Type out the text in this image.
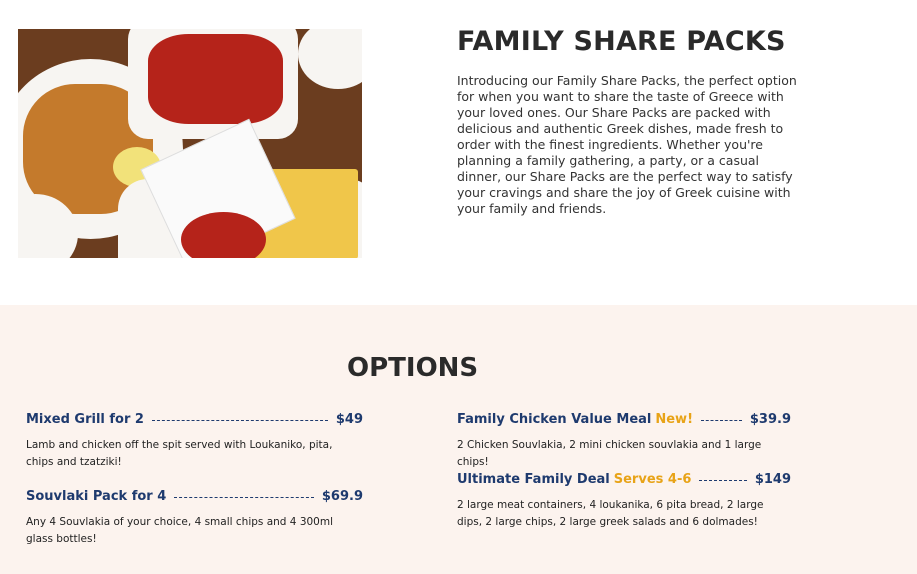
FAMILY SHARE PACKS

Introducing our Family Share Packs, the perfect option for when you want to share the taste of Greece with your loved ones. Our Share Packs are packed with delicious and authentic Greek dishes, made fresh to order with the finest ingredients. Whether you're planning a family gathering, a party, or a casual dinner, our Share Packs are the perfect way to satisfy your cravings and share the joy of Greek cuisine with your family and friends.

OPTIONS
Mixed Grill for 2	$49

Lamb and chicken off the spit served with Loukaniko, pita, chips and tzatziki!

Souvlaki Pack for 4	$69.9

Any 4 Souvlakia of your choice, 4 small chips and 4 300ml glass bottles!

Family Chicken Value Meal New!	$39.9

2 Chicken Souvlakia, 2 mini chicken souvlakia and 1 large chips!

Ultimate Family Deal Serves 4-6	$149

2 large meat containers, 4 loukanika, 6 pita bread, 2 large dips, 2 large chips, 2 large greek salads and 6 dolmades!
